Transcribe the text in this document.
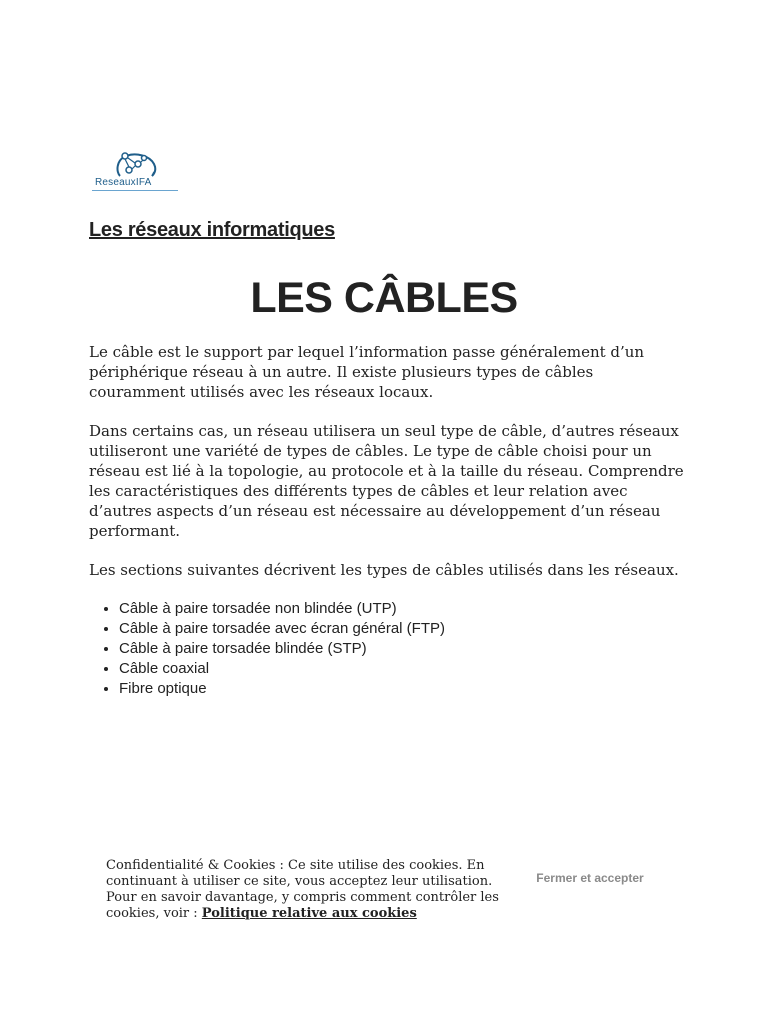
ReseauxIFA
Les réseaux informatiques
LES CÂBLES

Le câble est le support par lequel l’information passe généralement d’un périphérique réseau à un autre. Il existe plusieurs types de câbles couramment utilisés avec les réseaux locaux.

Dans certains cas, un réseau utilisera un seul type de câble, d’autres réseaux utiliseront une variété de types de câbles. Le type de câble choisi pour un réseau est lié à la topologie, au protocole et à la taille du réseau. Comprendre les caractéristiques des différents types de câbles et leur relation avec d’autres aspects d’un réseau est nécessaire au développement d’un réseau performant.

Les sections suivantes décrivent les types de câbles utilisés dans les réseaux.

• Câble à paire torsadée non blindée (UTP)
• Câble à paire torsadée avec écran général (FTP)
• Câble à paire torsadée blindée (STP)
• Câble coaxial
• Fibre optique
Confidentialité & Cookies : Ce site utilise des cookies. En continuant à utiliser ce site, vous acceptez leur utilisation. Pour en savoir davantage, y compris comment contrôler les cookies, voir : Politique relative aux cookies
Fermer et accepter
